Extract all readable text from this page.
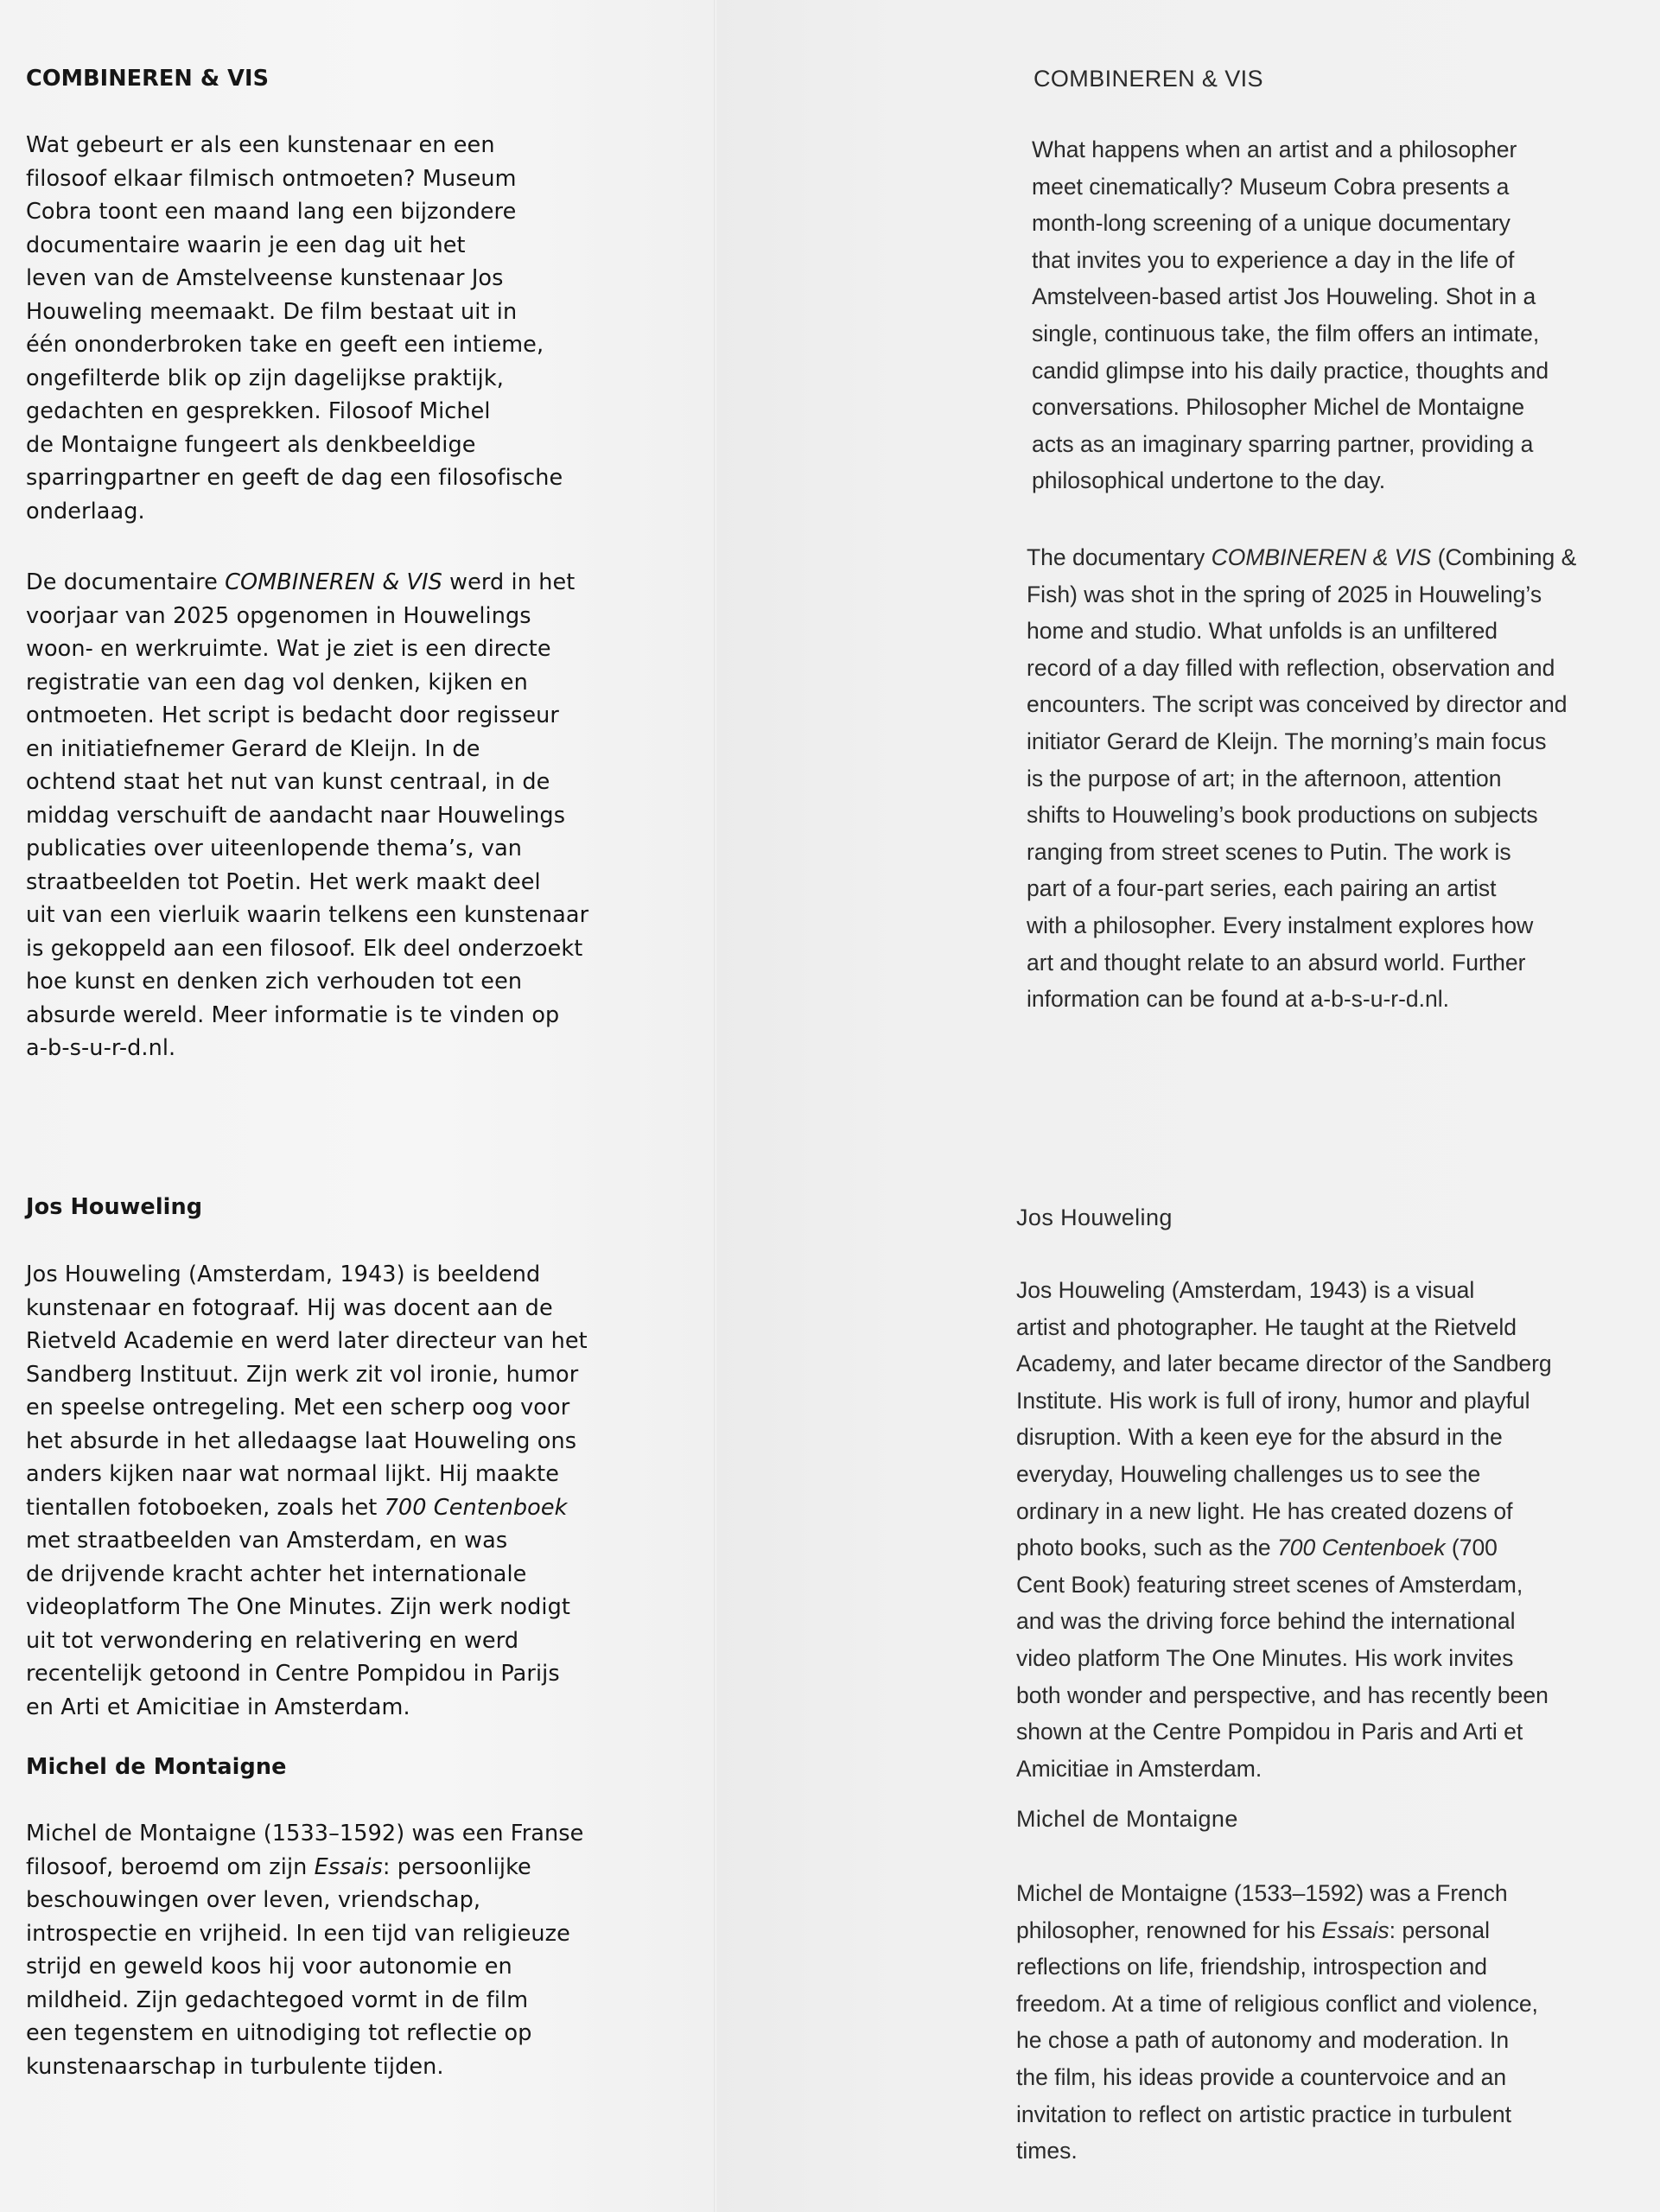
COMBINEREN & VIS

Wat gebeurt er als een kunstenaar en een
filosoof elkaar filmisch ontmoeten? Museum
Cobra toont een maand lang een bijzondere
documentaire waarin je een dag uit het
leven van de Amstelveense kunstenaar Jos
Houweling meemaakt. De film bestaat uit in
één ononderbroken take en geeft een intieme,
ongefilterde blik op zijn dagelijkse praktijk,
gedachten en gesprekken. Filosoof Michel
de Montaigne fungeert als denkbeeldige
sparringpartner en geeft de dag een filosofische
onderlaag.

De documentaire COMBINEREN & VIS werd in het
voorjaar van 2025 opgenomen in Houwelings
woon- en werkruimte. Wat je ziet is een directe
registratie van een dag vol denken, kijken en
ontmoeten. Het script is bedacht door regisseur
en initiatiefnemer Gerard de Kleijn. In de
ochtend staat het nut van kunst centraal, in de
middag verschuift de aandacht naar Houwelings
publicaties over uiteenlopende thema’s, van
straatbeelden tot Poetin. Het werk maakt deel
uit van een vierluik waarin telkens een kunstenaar
is gekoppeld aan een filosoof. Elk deel onderzoekt
hoe kunst en denken zich verhouden tot een
absurde wereld. Meer informatie is te vinden op
a-b-s-u-r-d.nl.

Jos Houweling

Jos Houweling (Amsterdam, 1943) is beeldend
kunstenaar en fotograaf. Hij was docent aan de
Rietveld Academie en werd later directeur van het
Sandberg Instituut. Zijn werk zit vol ironie, humor
en speelse ontregeling. Met een scherp oog voor
het absurde in het alledaagse laat Houweling ons
anders kijken naar wat normaal lijkt. Hij maakte
tientallen fotoboeken, zoals het 700 Centenboek
met straatbeelden van Amsterdam, en was
de drijvende kracht achter het internationale
videoplatform The One Minutes. Zijn werk nodigt
uit tot verwondering en relativering en werd
recentelijk getoond in Centre Pompidou in Parijs
en Arti et Amicitiae in Amsterdam.

Michel de Montaigne

Michel de Montaigne (1533–1592) was een Franse
filosoof, beroemd om zijn Essais: persoonlijke
beschouwingen over leven, vriendschap,
introspectie en vrijheid. In een tijd van religieuze
strijd en geweld koos hij voor autonomie en
mildheid. Zijn gedachtegoed vormt in de film
een tegenstem en uitnodiging tot reflectie op
kunstenaarschap in turbulente tijden.

COMBINEREN & VIS

What happens when an artist and a philosopher
meet cinematically? Museum Cobra presents a
month-long screening of a unique documentary
that invites you to experience a day in the life of
Amstelveen-based artist Jos Houweling. Shot in a
single, continuous take, the film offers an intimate,
candid glimpse into his daily practice, thoughts and
conversations. Philosopher Michel de Montaigne
acts as an imaginary sparring partner, providing a
philosophical undertone to the day.

The documentary COMBINEREN & VIS (Combining &
Fish) was shot in the spring of 2025 in Houweling’s
home and studio. What unfolds is an unfiltered
record of a day filled with reflection, observation and
encounters. The script was conceived by director and
initiator Gerard de Kleijn. The morning’s main focus
is the purpose of art; in the afternoon, attention
shifts to Houweling’s book productions on subjects
ranging from street scenes to Putin. The work is
part of a four-part series, each pairing an artist
with a philosopher. Every instalment explores how
art and thought relate to an absurd world. Further
information can be found at a-b-s-u-r-d.nl.

Jos Houweling

Jos Houweling (Amsterdam, 1943) is a visual
artist and photographer. He taught at the Rietveld
Academy, and later became director of the Sandberg
Institute. His work is full of irony, humor and playful
disruption. With a keen eye for the absurd in the
everyday, Houweling challenges us to see the
ordinary in a new light. He has created dozens of
photo books, such as the 700 Centenboek (700
Cent Book) featuring street scenes of Amsterdam,
and was the driving force behind the international
video platform The One Minutes. His work invites
both wonder and perspective, and has recently been
shown at the Centre Pompidou in Paris and Arti et
Amicitiae in Amsterdam.

Michel de Montaigne

Michel de Montaigne (1533–1592) was a French
philosopher, renowned for his Essais: personal
reflections on life, friendship, introspection and
freedom. At a time of religious conflict and violence,
he chose a path of autonomy and moderation. In
the film, his ideas provide a countervoice and an
invitation to reflect on artistic practice in turbulent
times.
